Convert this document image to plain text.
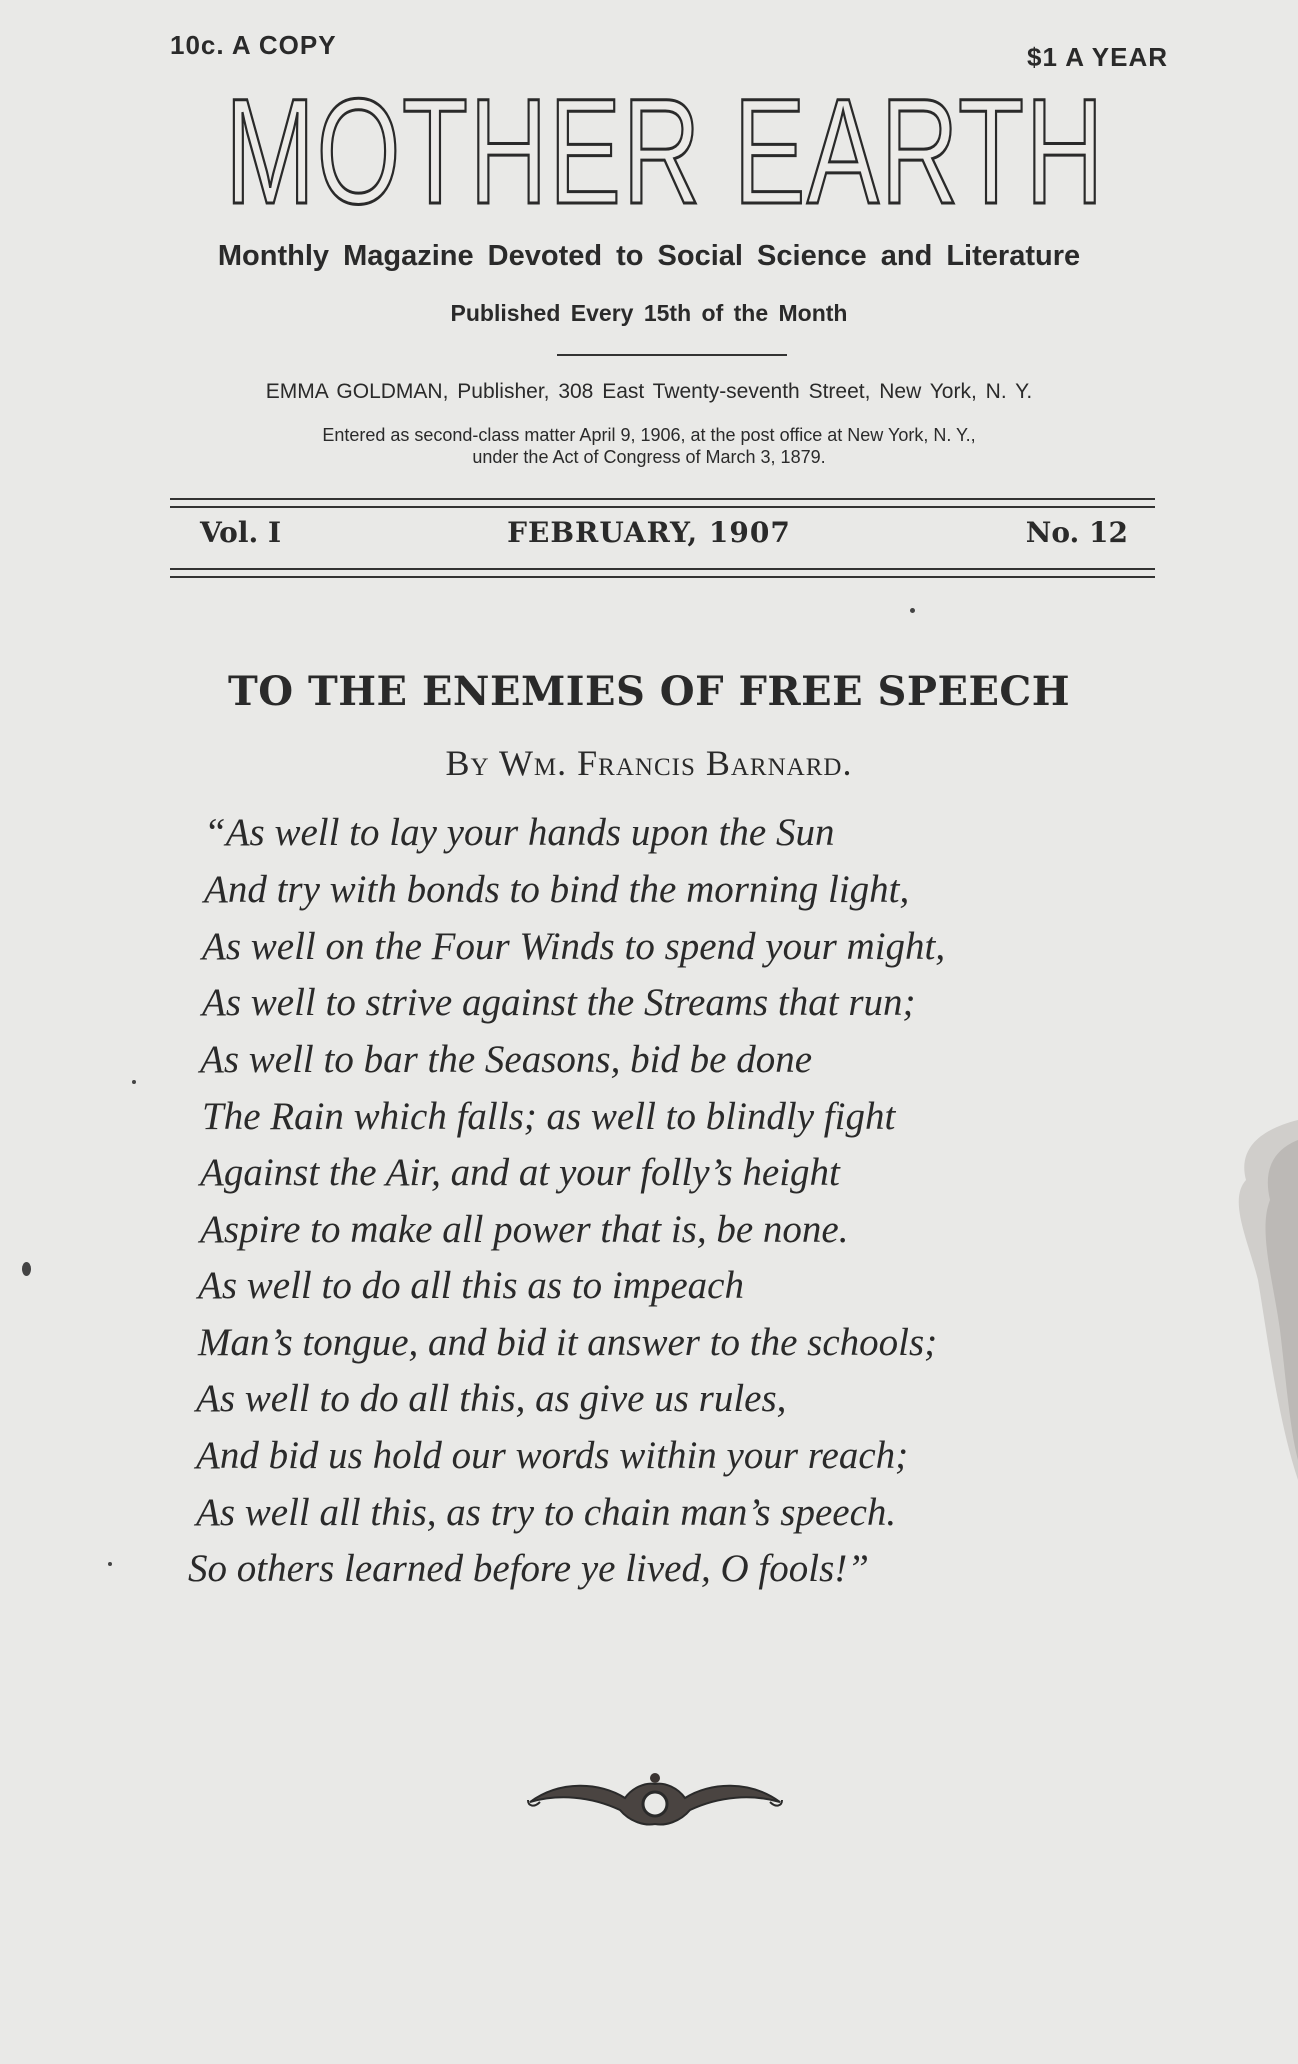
10c. A COPY	$1 A YEAR
MOTHER EARTH
Monthly Magazine Devoted to Social Science and Literature
Published Every 15th of the Month
EMMA GOLDMAN, Publisher, 308 East Twenty-seventh Street, New York, N. Y.
Entered as second-class matter April 9, 1906, at the post office at New York, N. Y.,
under the Act of Congress of March 3, 1879.
Vol. I	FEBRUARY, 1907	No. 12
TO THE ENEMIES OF FREE SPEECH
By Wm. Francis Barnard.
“As well to lay your hands upon the Sun
And try with bonds to bind the morning light,
As well on the Four Winds to spend your might,
As well to strive against the Streams that run;
As well to bar the Seasons, bid be done
The Rain which falls; as well to blindly fight
Against the Air, and at your folly’s height
Aspire to make all power that is, be none.
As well to do all this as to impeach
Man’s tongue, and bid it answer to the schools;
As well to do all this, as give us rules,
And bid us hold our words within your reach;
As well all this, as try to chain man’s speech.
So others learned before ye lived, O fools!”
